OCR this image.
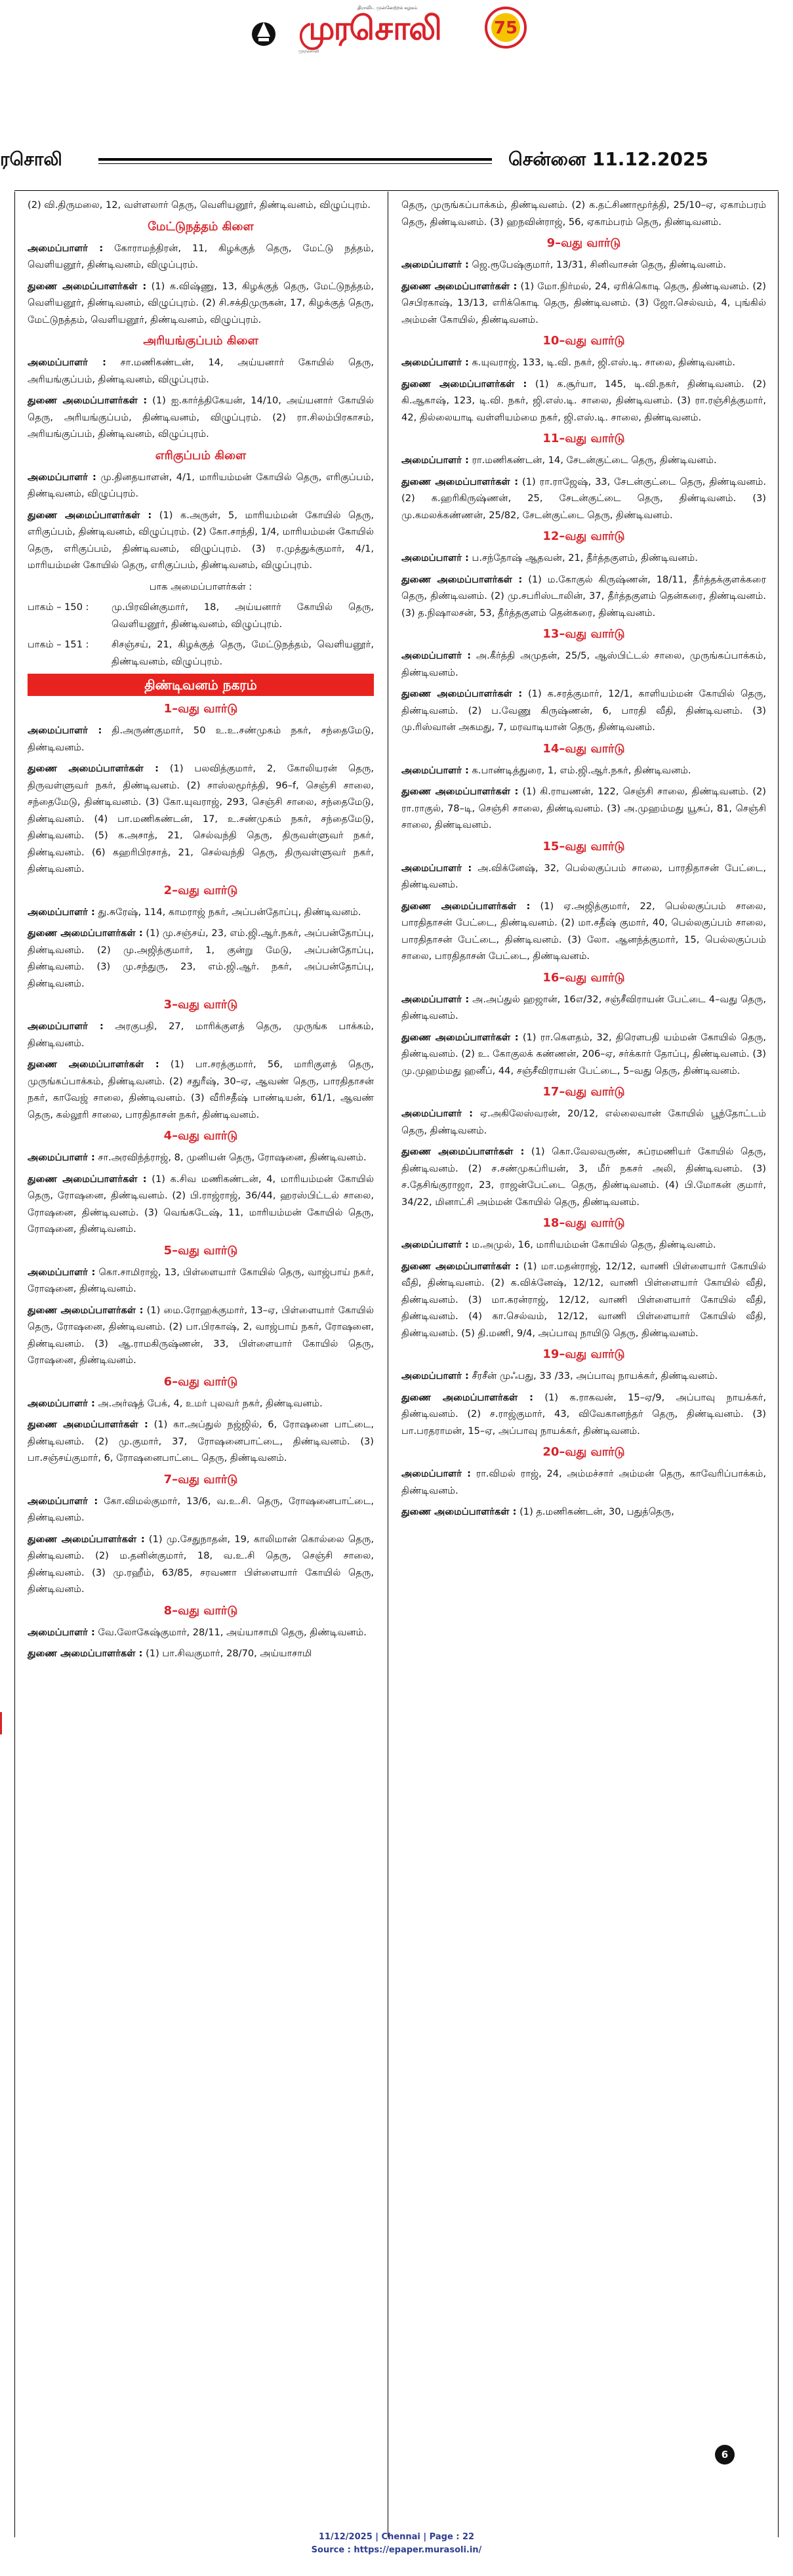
திராவிட முன்னேற்றக் கழகம்
முரசொலி	75
முரசொலி
ரசொலி	சென்னை 11.12.2025

(2) வி.திருமலை, 12, வள்ளலார் தெரு, வெளியனூர், திண்டிவனம், விழுப்புரம்.

மேட்டுநத்தம் கிளை

அமைப்பாளர் : கோராமந்திரன், 11, கிழக்குத் தெரு, மேட்டு நத்தம், வெளியனூர், திண்டிவனம், விழுப்புரம்.

துணை அமைப்பாளர்கள் : (1) க.விஷ்ணு, 13, கிழக்குத் தெரு, மேட்டுநத்தம், வெளியனூர், திண்டிவனம், விழுப்புரம். (2) சி.சக்திமுருகன், 17, கிழக்குத் தெரு, மேட்டுநத்தம், வெளியனூர், திண்டிவனம், விழுப்புரம்.

அரியங்குப்பம் கிளை

அமைப்பாளர் : சா.மணிகண்டன், 14, அய்யனார் கோயில் தெரு, அரியங்குப்பம், திண்டிவனம், விழுப்புரம்.

துணை அமைப்பாளர்கள் : (1) ஐ.கார்த்திகேயன், 14/10, அய்யனார் கோயில் தெரு, அரியங்குப்பம், திண்டிவனம், விழுப்புரம். (2) ரா.சிலம்பிரகாசம், அரியங்குப்பம், திண்டிவனம், விழுப்புரம்.

எரிகுப்பம் கிளை

அமைப்பாளர் : மு.தினதயாளன், 4/1, மாரியம்மன் கோயில் தெரு, எரிகுப்பம், திண்டிவனம், விழுப்புரம்.

துணை அமைப்பாளர்கள் : (1) க.அருள், 5, மாரியம்மன் கோயில் தெரு, எரிகுப்பம், திண்டிவனம், விழுப்புரம். (2) கோ.சாந்தி, 1/4, மாரியம்மன் கோயில் தெரு, எரிகுப்பம், திண்டிவனம், விழுப்புரம். (3) ர.முத்துக்குமார், 4/1, மாரியம்மன் கோயில் தெரு, எரிகுப்பம், திண்டிவனம், விழுப்புரம்.

பாக அமைப்பாளர்கள் :
பாகம் – 150 :	மு.பிரவின்குமார், 18, அய்யனார் கோயில் தெரு, வெளியனூர், திண்டிவனம், விழுப்புரம்.
பாகம் – 151 :	சிசஞ்சய், 21, கிழக்குத் தெரு, மேட்டுநத்தம், வெளியனூர், திண்டிவனம், விழுப்புரம்.
திண்டிவனம் நகரம்
1–வது வார்டு

அமைப்பாளர் : தி.அருண்குமார், 50 உ.உ.சண்முகம் நகர், சந்தைமேடு, திண்டிவனம்.

துணை அமைப்பாளர்கள் : (1) பலவித்குமார், 2, கோலியரன் தெரு, திருவள்ளுவர் நகர், திண்டிவனம். (2) சாஸ்லமூர்த்தி, 96–f, செஞ்சி சாலை, சந்தைமேடு, திண்டிவனம். (3) கோ.யுவராஜ், 293, செஞ்சி சாலை, சந்தைமேடு, திண்டிவனம். (4) பா.மணிகண்டன், 17, உ.சண்முகம் நகர், சந்தைமேடு, திண்டிவனம். (5) க.அசாத், 21, செல்வந்தி தெரு, திருவள்ளுவர் நகர், திண்டிவனம். (6) கஹரிபிரசாத், 21, செல்வந்தி தெரு, திருவள்ளுவர் நகர், திண்டிவனம்.

2–வது வார்டு

அமைப்பாளர் : து.சுரேஷ், 114, காமராஜ் நகர், அப்பன்தோப்பு, திண்டிவனம்.

துணை அமைப்பாளர்கள் : (1) மு.சஞ்சய், 23, எம்.ஜி.ஆர்.நகர், அப்பன்தோப்பு, திண்டிவனம். (2) மு.அஜித்குமார், 1, குன்று மேடு, அப்பன்தோப்பு, திண்டிவனம். (3) மு.சந்துரு, 23, எம்.ஜி.ஆர். நகர், அப்பன்தோப்பு, திண்டிவனம்.

3–வது வார்டு

அமைப்பாளர் : அரகுபதி, 27, மாரிக்குளத் தெரு, முருங்க பாக்கம், திண்டிவனம்.

துணை அமைப்பாளர்கள் : (1) பா.சரத்குமார், 56, மாரிகுளத் தெரு, முருங்கப்பாக்கம், திண்டிவனம். (2) சதுரீஷ், 30–ஏ, ஆவண் தெரு, பாரதிதாசன் நகர், காவேஜ் சாலை, திண்டிவனம். (3) வீரிசதீஷ் பாண்டியன், 61/1, ஆவண் தெரு, கல்லூரி சாலை, பாரதிதாசன் நகர், திண்டிவனம்.

4–வது வார்டு

அமைப்பாளர் : சா.அரவிந்த்ராஜ், 8, முனியன் தெரு, ரோஷனை, திண்டிவனம்.

துணை அமைப்பாளர்கள் : (1) க.சிவ மணிகண்டன், 4, மாரியம்மன் கோயில் தெரு, ரோஷனை, திண்டிவனம். (2) பி.ராஜ்ராஜ், 36/44, ஹரஸ்பிட்டல் சாலை, ரோஷனை, திண்டிவனம். (3) வெங்கடேஷ், 11, மாரியம்மன் கோயில் தெரு, ரோஷனை, திண்டிவனம்.

5–வது வார்டு

அமைப்பாளர் : கொ.சாமிராஜ், 13, பிள்ளையார் கோயில் தெரு, வாஜ்பாய் நகர், ரோஷனை, திண்டிவனம்.

துணை அமைப்பாளர்கள் : (1) மை.ரோஹக்குமார், 13–ஏ, பிள்ளையார் கோயில் தெரு, ரோஷனை, திண்டிவனம். (2) பா.பிரகாஷ், 2, வாஜ்பாய் நகர், ரோஷனை, திண்டிவனம். (3) ஆ.ராமகிருஷ்ணன், 33, பிள்ளையார் கோயில் தெரு, ரோஷனை, திண்டிவனம்.

6–வது வார்டு

அமைப்பாளர் : அ.அர்ஷத் பேக், 4, உமர் புலவர் நகர், திண்டிவனம்.

துணை அமைப்பாளர்கள் : (1) கா.அப்துல் நஜ்ஜில், 6, ரோஷனை பாட்டை, திண்டிவனம். (2) மு.குமார், 37, ரோஷனைபாட்டை, திண்டிவனம். (3) பா.சஞ்சய்குமார், 6, ரோஷனைபாட்டை தெரு, திண்டிவனம்.

7–வது வார்டு

அமைப்பாளர் : கோ.விமல்குமார், 13/6, வ.உ.சி. தெரு, ரோஷனைபாட்டை, திண்டிவனம்.

துணை அமைப்பாளர்கள் : (1) மு.சேதுநாதன், 19, காலிமான் கொல்லை தெரு, திண்டிவனம். (2) ம.தனின்குமார், 18, வ.உ.சி தெரு, செஞ்சி சாலை, திண்டிவனம். (3) மு.ரஹீம், 63/85, சரவணா பிள்ளையார் கோயில் தெரு, திண்டிவனம்.

8–வது வார்டு

அமைப்பாளர் : வே.லோகேஷ்குமார், 28/11, அய்யாசாமி தெரு, திண்டிவனம்.

துணை அமைப்பாளர்கள் : (1) பா.சிவகுமார், 28/70, அய்யாசாமி

தெரு, முருங்கப்பாக்கம், திண்டிவனம். (2) க.தட்சிணாமூர்த்தி, 25/10–ஏ, ஏகாம்பரம் தெரு, திண்டிவனம். (3) ஹநவின்ராஜ், 56, ஏகாம்பரம் தெரு, திண்டிவனம்.

9–வது வார்டு

அமைப்பாளர் : ஜெ.ரூபேஷ்குமார், 13/31, சினிவாசன் தெரு, திண்டிவனம்.

துணை அமைப்பாளர்கள் : (1) மோ.நிர்மல், 24, ஏரிக்கொடி தெரு, திண்டிவனம். (2) செபிரகாஷ், 13/13, எரிக்கொடி தெரு, திண்டிவனம். (3) ஜோ.செல்வம், 4, புங்கில் அம்மன் கோயில், திண்டிவனம்.

10–வது வார்டு

அமைப்பாளர் : க.யுவராஜ், 133, டி.வி. நகர், ஜி.எஸ்.டி. சாலை, திண்டிவனம்.

துணை அமைப்பாளர்கள் : (1) க.சூர்யா, 145, டி.வி.நகர், திண்டிவனம். (2) கி.ஆகாஷ், 123, டி.வி. நகர், ஜி.எஸ்.டி. சாலை, திண்டிவனம். (3) ரா.ரஞ்சித்குமார், 42, தில்லையாடி வள்ளியம்மை நகர், ஜி.எஸ்.டி. சாலை, திண்டிவனம்.

11–வது வார்டு

அமைப்பாளர் : ரா.மணிகண்டன், 14, சேடன்குட்டை தெரு, திண்டிவனம்.

துணை அமைப்பாளர்கள் : (1) ரா.ராஜேஷ், 33, சேடன்குட்டை தெரு, திண்டிவனம். (2) க.ஹரிகிருஷ்ணன், 25, சேடன்குட்டை தெரு, திண்டிவனம். (3) மு.கமலக்கண்ணன், 25/82, சேடன்குட்டை தெரு, திண்டிவனம்.

12–வது வார்டு

அமைப்பாளர் : ப.சந்தோஷ் ஆதவன், 21, தீர்த்தகுளம், திண்டிவனம்.

துணை அமைப்பாளர்கள் : (1) ம.கோகுல் கிருஷ்ணன், 18/11, தீர்த்தக்குளக்கரை தெரு, திண்டிவனம். (2) மு.சபரிஸ்டாலின், 37, தீர்த்தகுளம் தென்கரை, திண்டிவனம். (3) த.நிஷாலசன், 53, தீர்த்தகுளம் தென்கரை, திண்டிவனம்.

13–வது வார்டு

அமைப்பாளர் : அ.கீர்த்தி அமுதன், 25/5, ஆஸ்பிட்டல் சாலை, முருங்கப்பாக்கம், திண்டிவனம்.

துணை அமைப்பாளர்கள் : (1) க.சரத்குமார், 12/1, காளியம்மன் கோயில் தெரு, திண்டிவனம். (2) ப.வேணு கிருஷ்ணன், 6, பாரதி வீதி, திண்டிவனம். (3) மு.ரிஸ்வான் அகமது, 7, மரவாடியான் தெரு, திண்டிவனம்.

14–வது வார்டு

அமைப்பாளர் : க.பாண்டித்துரை, 1, எம்.ஜி.ஆர்.நகர், திண்டிவனம்.

துணை அமைப்பாளர்கள் : (1) கி.ராயணன், 122, செஞ்சி சாலை, திண்டிவனம். (2) ரா.ராகுல், 78–டி, செஞ்சி சாலை, திண்டிவனம். (3) அ.முஹம்மது யூசுப், 81, செஞ்சி சாலை, திண்டிவனம்.

15–வது வார்டு

அமைப்பாளர் : அ.விக்னேஷ், 32, பெல்லகுப்பம் சாலை, பாரதிதாசன் பேட்டை, திண்டிவனம்.

துணை அமைப்பாளர்கள் : (1) ஏ.அஜித்குமார், 22, பெல்லகுப்பம் சாலை, பாரதிதாசன் பேட்டை, திண்டிவனம். (2) மா.சதீஷ் குமார், 40, பெல்லகுப்பம் சாலை, பாரதிதாசன் பேட்டை, திண்டிவனம். (3) லோ. ஆனந்த்குமார், 15, பெல்லகுப்பம் சாலை, பாரதிதாசன் பேட்டை, திண்டிவனம்.

16–வது வார்டு

அமைப்பாளர் : அ.அப்துல் ஹஜான், 16எ/32, சஞ்சீவிராயன் பேட்டை 4–வது தெரு, திண்டிவனம்.

துணை அமைப்பாளர்கள் : (1) ரா.கௌதம், 32, திரௌபதி யம்மன் கோயில் தெரு, திண்டிவனம். (2) உ. கோகுலக் கண்ணன், 206–ஏ, சர்க்கார் தோப்பு, திண்டிவனம். (3) மு.முஹம்மது ஹனீப், 44, சஞ்சீவிராயன் பேட்டை, 5–வது தெரு, திண்டிவனம்.

17–வது வார்டு

அமைப்பாளர் : ஏ.அகிலேஸ்வரன், 20/12, எல்லைவான் கோயில் பூந்தோட்டம் தெரு, திண்டிவனம்.

துணை அமைப்பாளர்கள் : (1) கொ.வேலவருண், சுப்ரமணியர் கோயில் தெரு, திண்டிவனம். (2) ச.சண்முகப்ரியன், 3, மீர் நகசர் அலி, திண்டிவனம். (3) ச.தேசிங்குராஜா, 23, ராஜன்பேட்டை தெரு, திண்டிவனம். (4) பி.மோகன் குமார், 34/22, மினாட்சி அம்மன் கோயில் தெரு, திண்டிவனம்.

18–வது வார்டு

அமைப்பாளர் : ம.அமுல், 16, மாரியம்மன் கோயில் தெரு, திண்டிவனம்.

துணை அமைப்பாளர்கள் : (1) மா.மதன்ராஜ், 12/12, வாணி பிள்ளையார் கோயில் வீதி, திண்டிவனம். (2) க.விக்னேஷ், 12/12, வாணி பிள்ளையார் கோயில் வீதி, திண்டிவனம். (3) மா.கரன்ராஜ், 12/12, வாணி பிள்ளையார் கோயில் வீதி, திண்டிவனம். (4) கா.செல்வம், 12/12, வாணி பிள்ளையார் கோயில் வீதி, திண்டிவனம். (5) தி.மணி, 9/4, அப்பாவு நாயிடு தெரு, திண்டிவனம்.

19–வது வார்டு

அமைப்பாளர் : சீரசீன் முஃபது, 33 /33, அப்பாவு நாயக்கர், திண்டிவனம்.

துணை அமைப்பாளர்கள் : (1) க.ராகவன், 15–ஏ/9, அப்பாவு நாயக்கர், திண்டிவனம். (2) ச.ராஜ்குமார், 43, விவேகானந்தர் தெரு, திண்டிவனம். (3) பா.பரதராமன், 15–ஏ, அப்பாவு நாயக்கர், திண்டிவனம்.

20–வது வார்டு

அமைப்பாளர் : ரா.விமல் ராஜ், 24, அம்மச்சார் அம்மன் தெரு, காவேரிப்பாக்கம், திண்டிவனம்.

துணை அமைப்பாளர்கள் : (1) த.மணிகண்டன், 30, பதுத்தெரு,

6
11/12/2025 | Chennai | Page : 22
Source : https://epaper.murasoli.in/
